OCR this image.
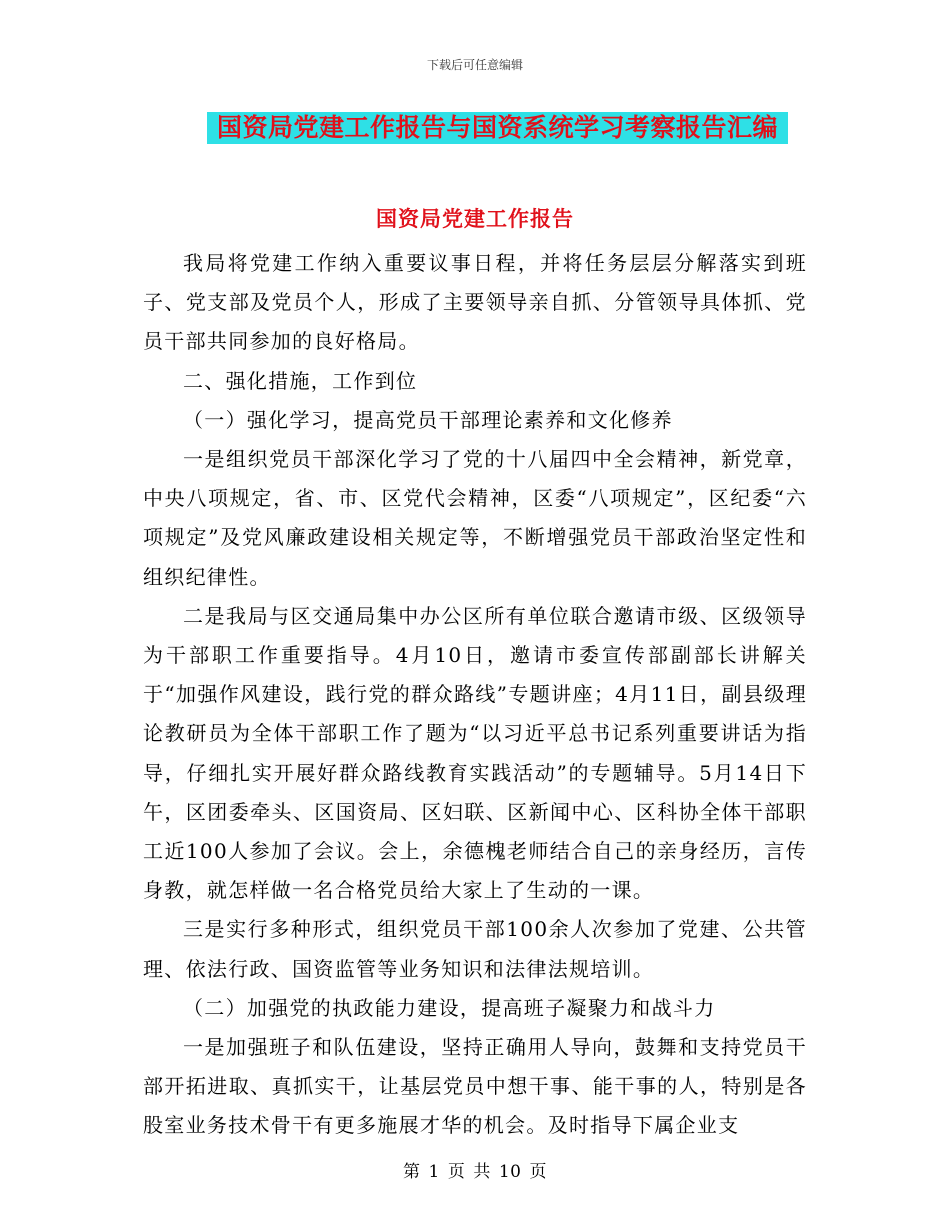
下载后可任意编辑
国资局党建工作报告与国资系统学习考察报告汇编
国资局党建工作报告

我局将党建工作纳入重要议事日程，并将任务层层分解落实到班子、党支部及党员个人，形成了主要领导亲自抓、分管领导具体抓、党员干部共同参加的良好格局。

二、强化措施，工作到位

（一）强化学习，提高党员干部理论素养和文化修养

一是组织党员干部深化学习了党的十八届四中全会精神，新党章，中央八项规定，省、市、区党代会精神，区委“八项规定”，区纪委“六项规定”及党风廉政建设相关规定等，不断增强党员干部政治坚定性和组织纪律性。

二是我局与区交通局集中办公区所有单位联合邀请市级、区级领导为干部职工作重要指导。4月10日，邀请市委宣传部副部长讲解关于“加强作风建设，践行党的群众路线”专题讲座；4月11日，副县级理论教研员为全体干部职工作了题为“以习近平总书记系列重要讲话为指导，仔细扎实开展好群众路线教育实践活动”的专题辅导。5月14日下午，区团委牵头、区国资局、区妇联、区新闻中心、区科协全体干部职工近100人参加了会议。会上，余德槐老师结合自己的亲身经历，言传身教，就怎样做一名合格党员给大家上了生动的一课。

三是实行多种形式，组织党员干部100余人次参加了党建、公共管理、依法行政、国资监管等业务知识和法律法规培训。

（二）加强党的执政能力建设，提高班子凝聚力和战斗力

一是加强班子和队伍建设，坚持正确用人导向，鼓舞和支持党员干部开拓进取、真抓实干，让基层党员中想干事、能干事的人，特别是各股室业务技术骨干有更多施展才华的机会。及时指导下属企业支

第 1 页 共 10 页
